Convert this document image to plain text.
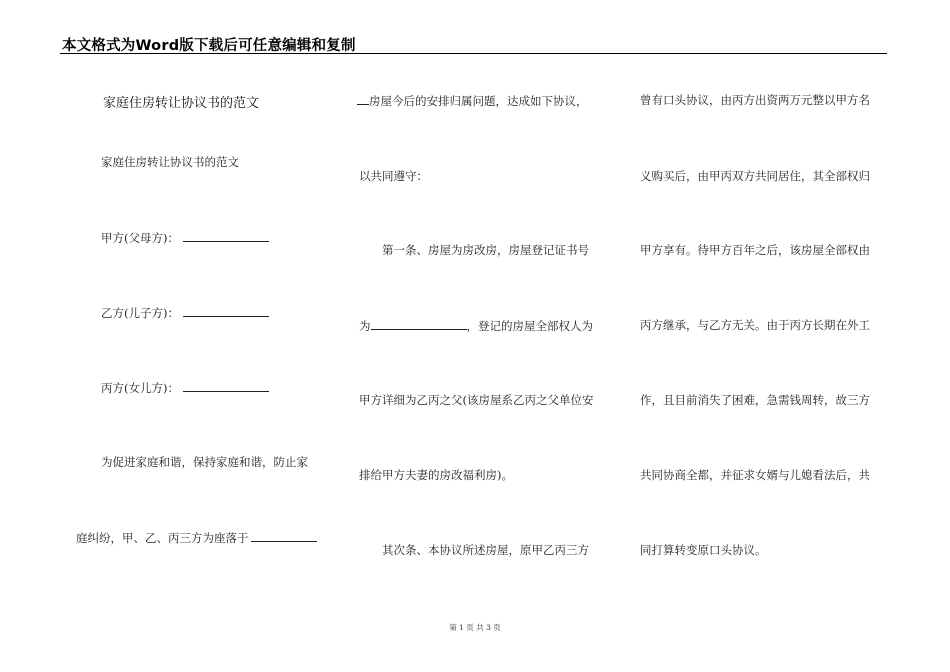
本文格式为Word版下载后可任意编辑和复制
家庭住房转让协议书的范文
家庭住房转让协议书的范文
甲方(父母方)：
乙方(儿子方)：
丙方(女儿方)：
为促进家庭和谐，保持家庭和谐，防止家
庭纠纷，甲、乙、丙三方为座落于
房屋今后的安排归属问题，达成如下协议，
以共同遵守：
第一条、房屋为房改房，房屋登记证书号
为	，登记的房屋全部权人为
甲方详细为乙丙之父(该房屋系乙丙之父单位安
排给甲方夫妻的房改福利房)。
其次条、本协议所述房屋，原甲乙丙三方
曾有口头协议，由丙方出资两万元整以甲方名
义购买后，由甲丙双方共同居住，其全部权归
甲方享有。待甲方百年之后，该房屋全部权由
丙方继承，与乙方无关。由于丙方长期在外工
作，且目前消失了困难，急需钱周转，故三方
共同协商全都，并征求女婿与儿媳看法后，共
同打算转变原口头协议。
第 1 页 共 3 页
